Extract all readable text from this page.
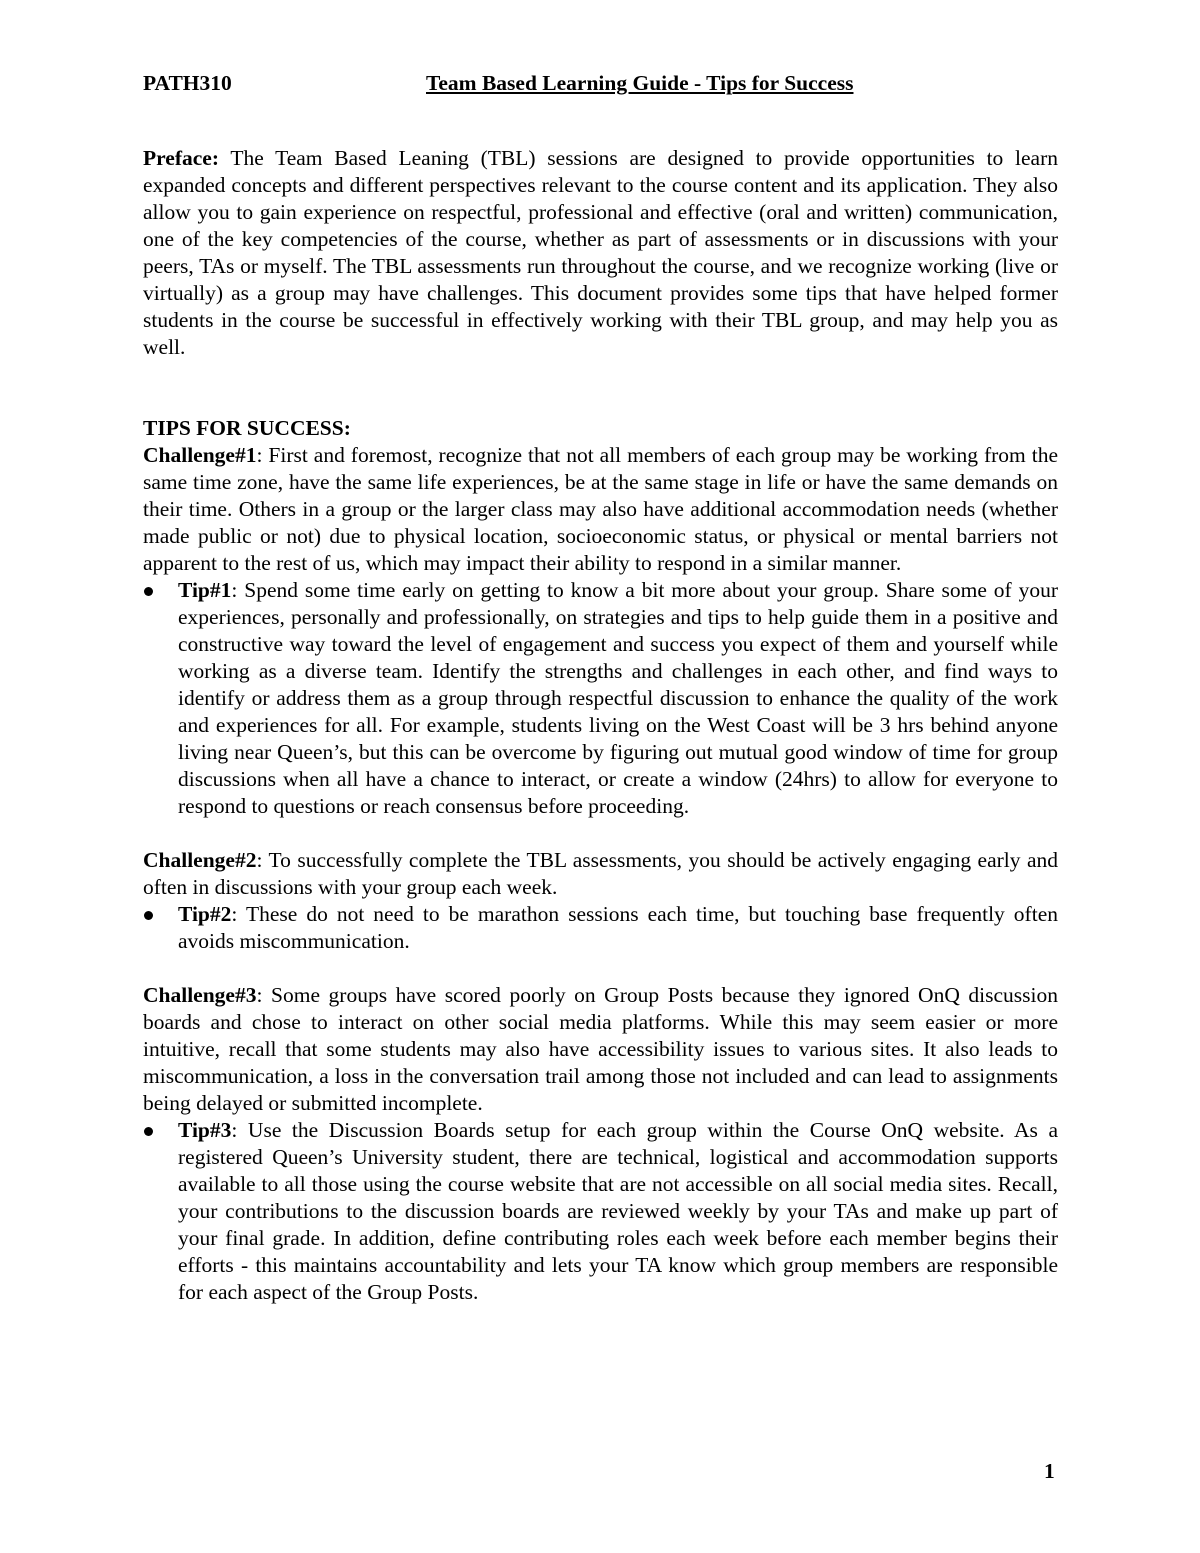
PATH310	Team Based Learning Guide - Tips for Success

Preface: The Team Based Leaning (TBL) sessions are designed to provide opportunities to learn expanded concepts and different perspectives relevant to the course content and its application. They also allow you to gain experience on respectful, professional and effective (oral and written) communication, one of the key competencies of the course, whether as part of assessments or in discussions with your peers, TAs or myself. The TBL assessments run throughout the course, and we recognize working (live or virtually) as a group may have challenges. This document provides some tips that have helped former students in the course be successful in effectively working with their TBL group, and may help you as well.

TIPS FOR SUCCESS:

Challenge#1: First and foremost, recognize that not all members of each group may be working from the same time zone, have the same life experiences, be at the same stage in life or have the same demands on their time. Others in a group or the larger class may also have additional accommodation needs (whether made public or not) due to physical location, socioeconomic status, or physical or mental barriers not apparent to the rest of us, which may impact their ability to respond in a similar manner.

Tip#1: Spend some time early on getting to know a bit more about your group. Share some of your experiences, personally and professionally, on strategies and tips to help guide them in a positive and constructive way toward the level of engagement and success you expect of them and yourself while working as a diverse team. Identify the strengths and challenges in each other, and find ways to identify or address them as a group through respectful discussion to enhance the quality of the work and experiences for all. For example, students living on the West Coast will be 3 hrs behind anyone living near Queen’s, but this can be overcome by figuring out mutual good window of time for group discussions when all have a chance to interact, or create a window (24hrs) to allow for everyone to respond to questions or reach consensus before proceeding.

Challenge#2: To successfully complete the TBL assessments, you should be actively engaging early and often in discussions with your group each week.

Tip#2: These do not need to be marathon sessions each time, but touching base frequently often avoids miscommunication.

Challenge#3: Some groups have scored poorly on Group Posts because they ignored OnQ discussion boards and chose to interact on other social media platforms. While this may seem easier or more intuitive, recall that some students may also have accessibility issues to various sites. It also leads to miscommunication, a loss in the conversation trail among those not included and can lead to assignments being delayed or submitted incomplete.

Tip#3: Use the Discussion Boards setup for each group within the Course OnQ website. As a registered Queen’s University student, there are technical, logistical and accommodation supports available to all those using the course website that are not accessible on all social media sites. Recall, your contributions to the discussion boards are reviewed weekly by your TAs and make up part of your final grade. In addition, define contributing roles each week before each member begins their efforts - this maintains accountability and lets your TA know which group members are responsible for each aspect of the Group Posts.
1
